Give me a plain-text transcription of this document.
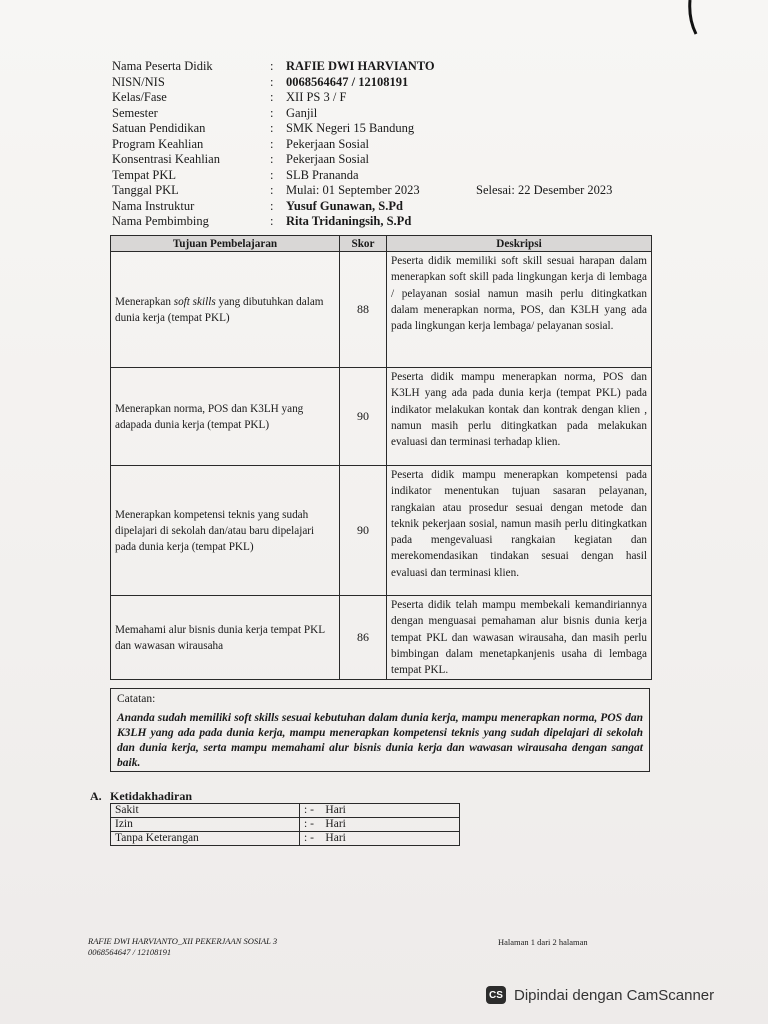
Nama Peserta Didik	: RAFIE DWI HARVIANTO
NISN/NIS	: 0068564647 / 12108191
Kelas/Fase	: XII PS 3 / F
Semester	: Ganjil
Satuan Pendidikan	: SMK Negeri 15 Bandung
Program Keahlian	: Pekerjaan Sosial
Konsentrasi Keahlian	: Pekerjaan Sosial
Tempat PKL	: SLB Prananda
Tanggal PKL	: Mulai: 01 September 2023	Selesai: 22 Desember 2023
Nama Instruktur	: Yusuf Gunawan, S.Pd
Nama Pembimbing	: Rita Tridaningsih, S.Pd
Tujuan Pembelajaran	Skor	Deskripsi
Menerapkan soft skills yang dibutuhkan dalam dunia kerja (tempat PKL)	88	Peserta didik memiliki soft skill sesuai harapan dalam menerapkan soft skill pada lingkungan kerja di lembaga / pelayanan sosial namun masih perlu ditingkatkan dalam menerapkan norma, POS, dan K3LH yang ada pada lingkungan kerja lembaga/ pelayanan sosial.
Menerapkan norma, POS dan K3LH yang adapada dunia kerja (tempat PKL)	90	Peserta didik mampu menerapkan norma, POS dan K3LH yang ada pada dunia kerja (tempat PKL) pada indikator melakukan kontak dan kontrak dengan klien , namun masih perlu ditingkatkan pada melakukan evaluasi dan terminasi terhadap klien.
Menerapkan kompetensi teknis yang sudah dipelajari di sekolah dan/atau baru dipelajari pada dunia kerja (tempat PKL)	90	Peserta didik mampu menerapkan kompetensi pada indikator menentukan tujuan sasaran pelayanan, rangkaian atau prosedur sesuai dengan metode dan teknik pekerjaan sosial, namun masih perlu ditingkatkan pada mengevaluasi rangkaian kegiatan dan merekomendasikan tindakan sesuai dengan hasil evaluasi dan terminasi klien.
Memahami alur bisnis dunia kerja tempat PKL dan wawasan wirausaha	86	Peserta didik telah mampu membekali kemandiriannya dengan menguasai pemahaman alur bisnis dunia kerja tempat PKL dan wawasan wirausaha, dan masih perlu bimbingan dalam menetapkanjenis usaha di lembaga tempat PKL.
Catatan:
Ananda sudah memiliki soft skills sesuai kebutuhan dalam dunia kerja, mampu menerapkan norma, POS dan K3LH yang ada pada dunia kerja, mampu menerapkan kompetensi teknis yang sudah dipelajari di sekolah dan dunia kerja, serta mampu memahami alur bisnis dunia kerja dan wawasan wirausaha dengan sangat baik.
A. Ketidakhadiran
Sakit	: - Hari
Izin	: - Hari
Tanpa Keterangan	: - Hari
RAFIE DWI HARVIANTO_XII PEKERJAAN SOSIAL 3
0068564647 / 12108191
Halaman 1 dari 2 halaman
CS Dipindai dengan CamScanner
